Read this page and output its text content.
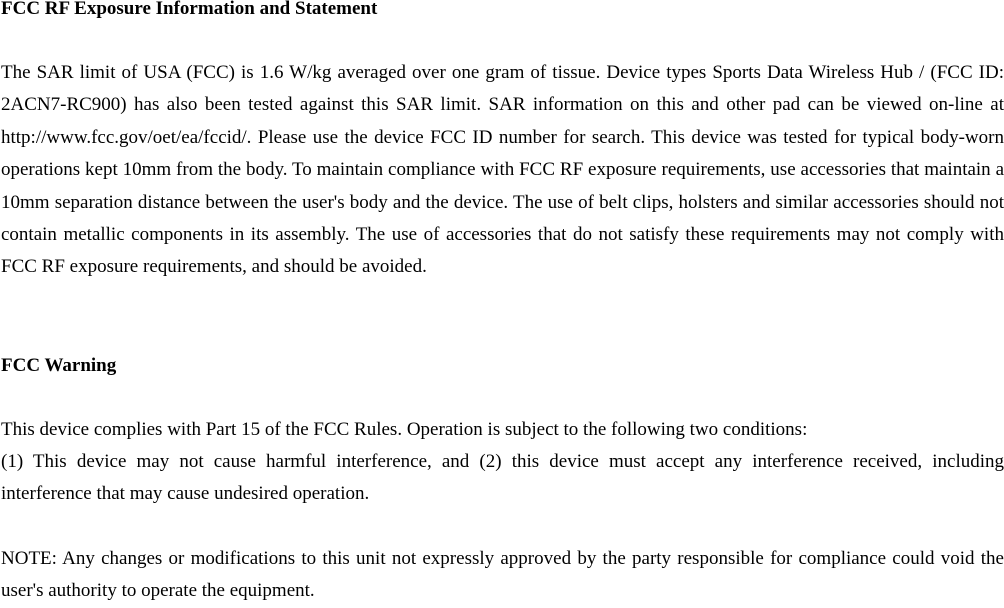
FCC RF Exposure Information and Statement
The SAR limit of USA (FCC) is 1.6 W/kg averaged over one gram of tissue. Device types Sports Data Wireless Hub / (FCC ID: 2ACN7-RC900) has also been tested against this SAR limit. SAR information on this and other pad can be viewed on‐line at http://www.fcc.gov/oet/ea/fccid/. Please use the device FCC ID number for search. This device was tested for typical body-worn operations kept 10mm from the body. To maintain compliance with FCC RF exposure requirements, use accessories that maintain a 10mm separation distance between the user's body and the device. The use of belt clips, holsters and similar accessories should not contain metallic components in its assembly. The use of accessories that do not satisfy these requirements may not comply with FCC RF exposure requirements, and should be avoided.
FCC Warning
This device complies with Part 15 of the FCC Rules. Operation is subject to the following two conditions:
(1) This device may not cause harmful interference, and (2) this device must accept any interference received, including interference that may cause undesired operation.
NOTE: Any changes or modifications to this unit not expressly approved by the party responsible for compliance could void the user's authority to operate the equipment.
